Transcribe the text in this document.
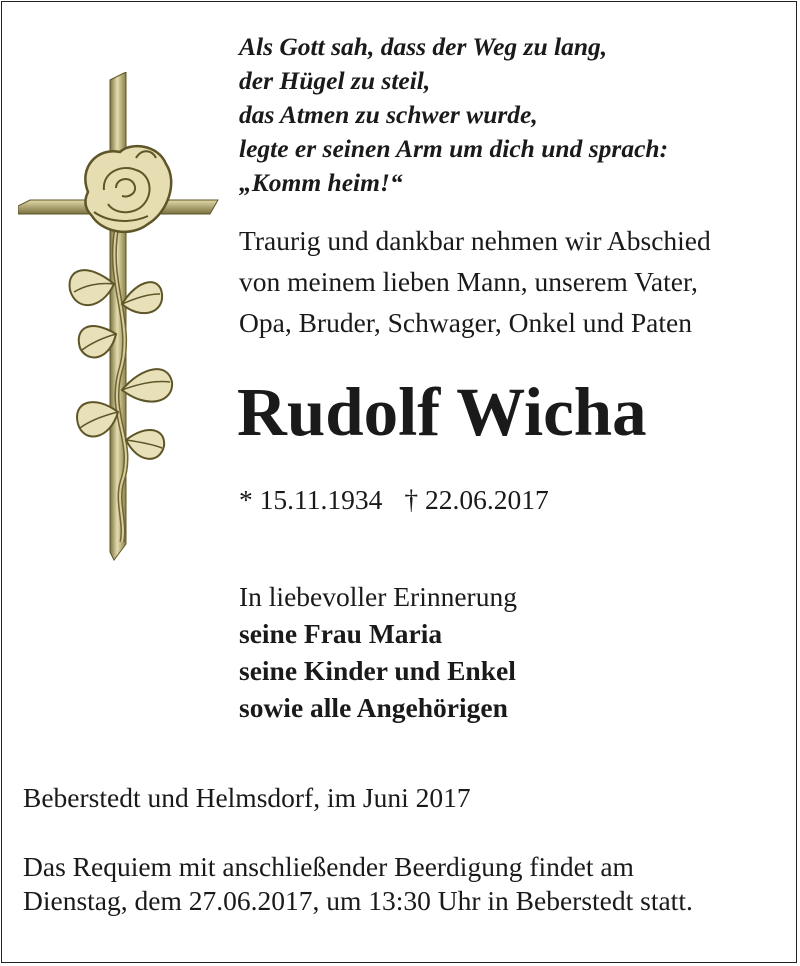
Als Gott sah, dass der Weg zu lang,
der Hügel zu steil,
das Atmen zu schwer wurde,
legte er seinen Arm um dich und sprach:
„Komm heim!“

Traurig und dankbar nehmen wir Abschied
von meinem lieben Mann, unserem Vater,
Opa, Bruder, Schwager, Onkel und Paten

Rudolf Wicha

* 15.11.1934 † 22.06.2017

In liebevoller Erinnerung
seine Frau Maria
seine Kinder und Enkel
sowie alle Angehörigen

Beberstedt und Helmsdorf, im Juni 2017

Das Requiem mit anschließender Beerdigung findet am
Dienstag, dem 27.06.2017, um 13:30 Uhr in Beberstedt statt.
